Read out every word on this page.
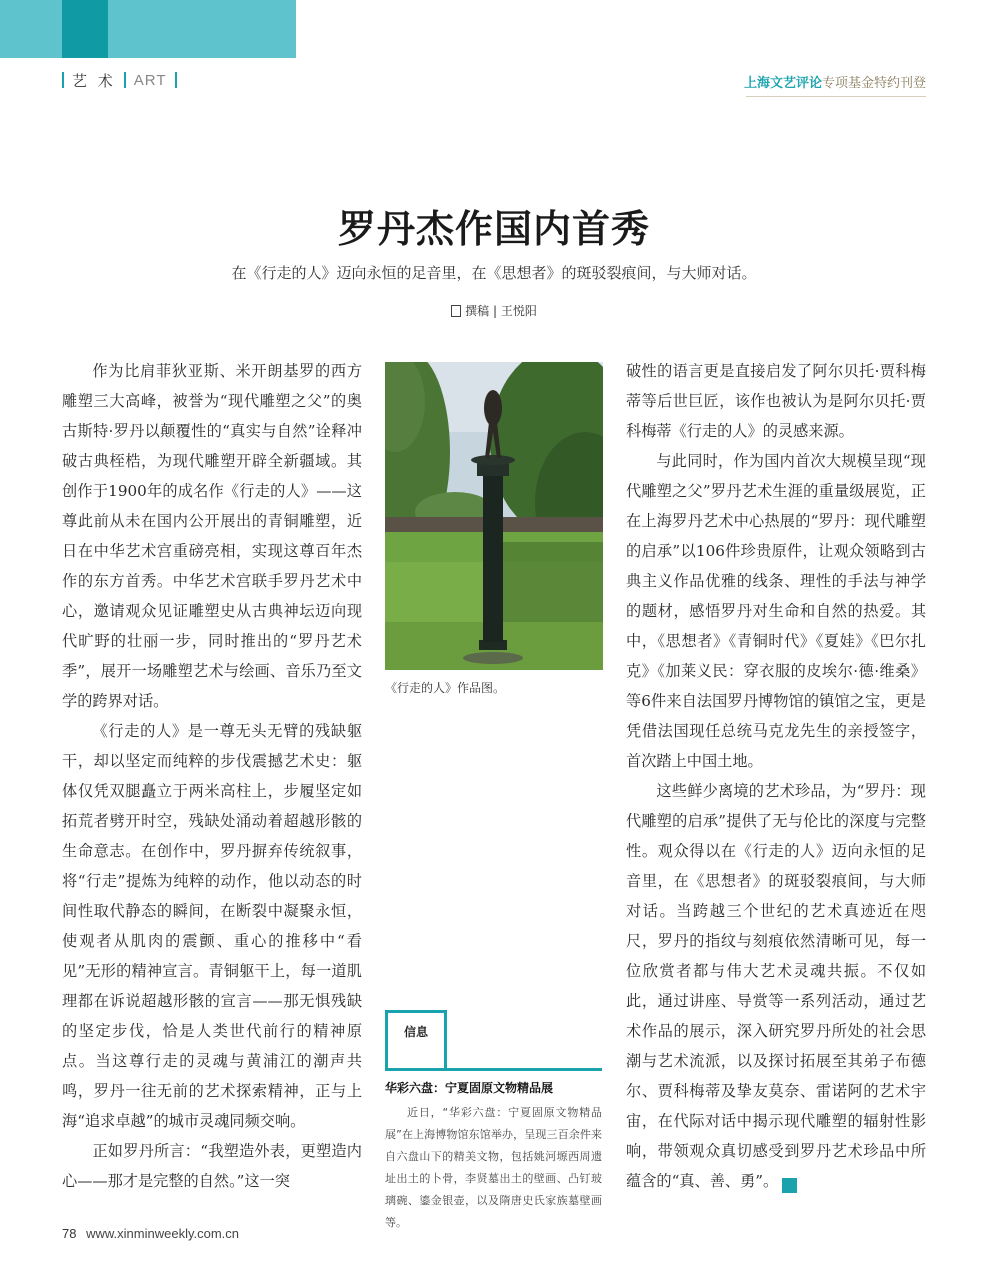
艺 术 ART	上海文艺评论专项基金特约刊登
罗丹杰作国内首秀
在《行走的人》迈向永恒的足音里，在《思想者》的斑驳裂痕间，与大师对话。
撰稿 | 王悦阳

作为比肩菲狄亚斯、米开朗基罗的西方雕塑三大高峰，被誉为“现代雕塑之父”的奥古斯特·罗丹以颠覆性的“真实与自然”诠释冲破古典桎梏，为现代雕塑开辟全新疆域。其创作于1900年的成名作《行走的人》——这尊此前从未在国内公开展出的青铜雕塑，近日在中华艺术宫重磅亮相，实现这尊百年杰作的东方首秀。中华艺术宫联手罗丹艺术中心，邀请观众见证雕塑史从古典神坛迈向现代旷野的壮丽一步，同时推出的“罗丹艺术季”，展开一场雕塑艺术与绘画、音乐乃至文学的跨界对话。

《行走的人》是一尊无头无臂的残缺躯干，却以坚定而纯粹的步伐震撼艺术史：躯体仅凭双腿矗立于两米高柱上，步履坚定如拓荒者劈开时空，残缺处涌动着超越形骸的生命意志。在创作中，罗丹摒弃传统叙事，将“行走”提炼为纯粹的动作，他以动态的时间性取代静态的瞬间，在断裂中凝聚永恒，使观者从肌肉的震颤、重心的推移中“看见”无形的精神宣言。青铜躯干上，每一道肌理都在诉说超越形骸的宣言——那无惧残缺的坚定步伐，恰是人类世代前行的精神原点。当这尊行走的灵魂与黄浦江的潮声共鸣，罗丹一往无前的艺术探索精神，正与上海“追求卓越”的城市灵魂同频交响。

正如罗丹所言：“我塑造外表，更塑造内心——那才是完整的自然。”这一突

《行走的人》作品图。
信息
华彩六盘：宁夏固原文物精品展
近日，“华彩六盘：宁夏固原文物精品展”在上海博物馆东馆举办，呈现三百余件来自六盘山下的精美文物，包括姚河塬西周遗址出土的卜骨，李贤墓出土的壁画、凸钉玻璃碗、鎏金银壶，以及隋唐史氏家族墓壁画等。

破性的语言更是直接启发了阿尔贝托·贾科梅蒂等后世巨匠，该作也被认为是阿尔贝托·贾科梅蒂《行走的人》的灵感来源。

与此同时，作为国内首次大规模呈现“现代雕塑之父”罗丹艺术生涯的重量级展览，正在上海罗丹艺术中心热展的“罗丹：现代雕塑的启承”以106件珍贵原件，让观众领略到古典主义作品优雅的线条、理性的手法与神学的题材，感悟罗丹对生命和自然的热爱。其中，《思想者》《青铜时代》《夏娃》《巴尔扎克》《加莱义民：穿衣服的皮埃尔·德·维桑》等6件来自法国罗丹博物馆的镇馆之宝，更是凭借法国现任总统马克龙先生的亲授签字，首次踏上中国土地。

这些鲜少离境的艺术珍品，为“罗丹：现代雕塑的启承”提供了无与伦比的深度与完整性。观众得以在《行走的人》迈向永恒的足音里，在《思想者》的斑驳裂痕间，与大师对话。当跨越三个世纪的艺术真迹近在咫尺，罗丹的指纹与刻痕依然清晰可见，每一位欣赏者都与伟大艺术灵魂共振。不仅如此，通过讲座、导赏等一系列活动，通过艺术作品的展示，深入研究罗丹所处的社会思潮与艺术流派，以及探讨拓展至其弟子布德尔、贾科梅蒂及挚友莫奈、雷诺阿的艺术宇宙，在代际对话中揭示现代雕塑的辐射性影响，带领观众真切感受到罗丹艺术珍品中所蕴含的“真、善、勇”。	民

78 www.xinminweekly.com.cn
